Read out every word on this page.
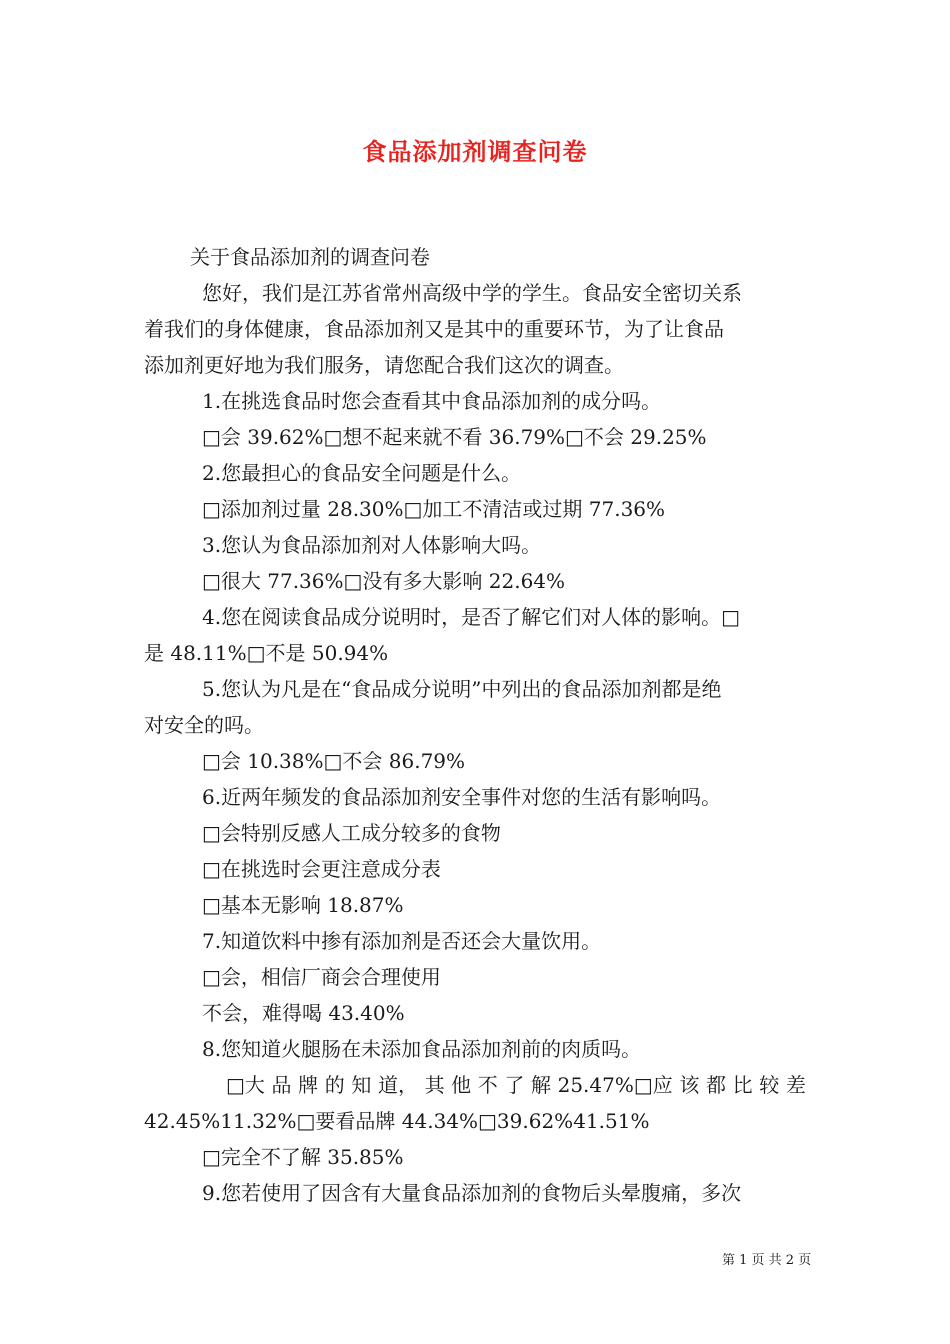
食品添加剂调查问卷
关于食品添加剂的调查问卷
您好，我们是江苏省常州高级中学的学生。食品安全密切关系
着我们的身体健康，食品添加剂又是其中的重要环节，为了让食品
添加剂更好地为我们服务，请您配合我们这次的调查。
1.在挑选食品时您会查看其中食品添加剂的成分吗。
□会 39.62%□想不起来就不看 36.79%□不会 29.25%
2.您最担心的食品安全问题是什么。
□添加剂过量 28.30%□加工不清洁或过期 77.36%
3.您认为食品添加剂对人体影响大吗。
□很大 77.36%□没有多大影响 22.64%
4.您在阅读食品成分说明时，是否了解它们对人体的影响。□
是 48.11%□不是 50.94%
5.您认为凡是在“食品成分说明”中列出的食品添加剂都是绝
对安全的吗。
□会 10.38%□不会 86.79%
6.近两年频发的食品添加剂安全事件对您的生活有影响吗。
□会特别反感人工成分较多的食物
□在挑选时会更注意成分表
□基本无影响 18.87%
7.知道饮料中掺有添加剂是否还会大量饮用。
□会，相信厂商会合理使用
不会，难得喝 43.40%
8.您知道火腿肠在未添加食品添加剂前的肉质吗。
□大 品 牌 的 知 道， 其 他 不 了 解 25.47%□应 该 都 比 较 差
42.45%11.32%□要看品牌 44.34%□39.62%41.51%
□完全不了解 35.85%
9.您若使用了因含有大量食品添加剂的食物后头晕腹痛，多次
第 1 页 共 2 页
